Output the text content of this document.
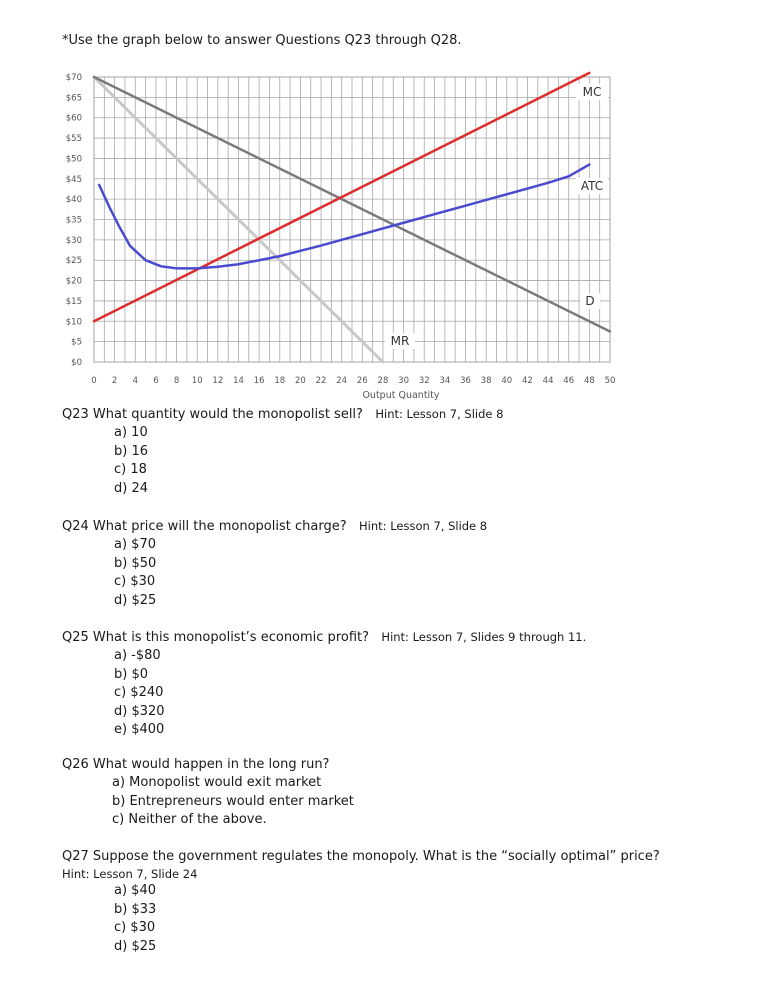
*Use the graph below to answer Questions Q23 through Q28.
$0
$5
$10
$15
$20
$25
$30
$35
$40
$45
$50
$55
$60
$65
$70
0 2 4 6 8 10 12 14 16 18 20 22 24 26 28 30 32 34 36 38 40 42 44 46 48 50
Output Quantity
MC
ATC
D
MR
Q23 What quantity would the monopolist sell? Hint: Lesson 7, Slide 8
a) 10
b) 16
c) 18
d) 24
Q24 What price will the monopolist charge? Hint: Lesson 7, Slide 8
a) $70
b) $50
c) $30
d) $25
Q25 What is this monopolist’s economic profit? Hint: Lesson 7, Slides 9 through 11.
a) -$80
b) $0
c) $240
d) $320
e) $400
Q26 What would happen in the long run?
a) Monopolist would exit market
b) Entrepreneurs would enter market
c) Neither of the above.
Q27 Suppose the government regulates the monopoly. What is the “socially optimal” price?
Hint: Lesson 7, Slide 24
a) $40
b) $33
c) $30
d) $25
